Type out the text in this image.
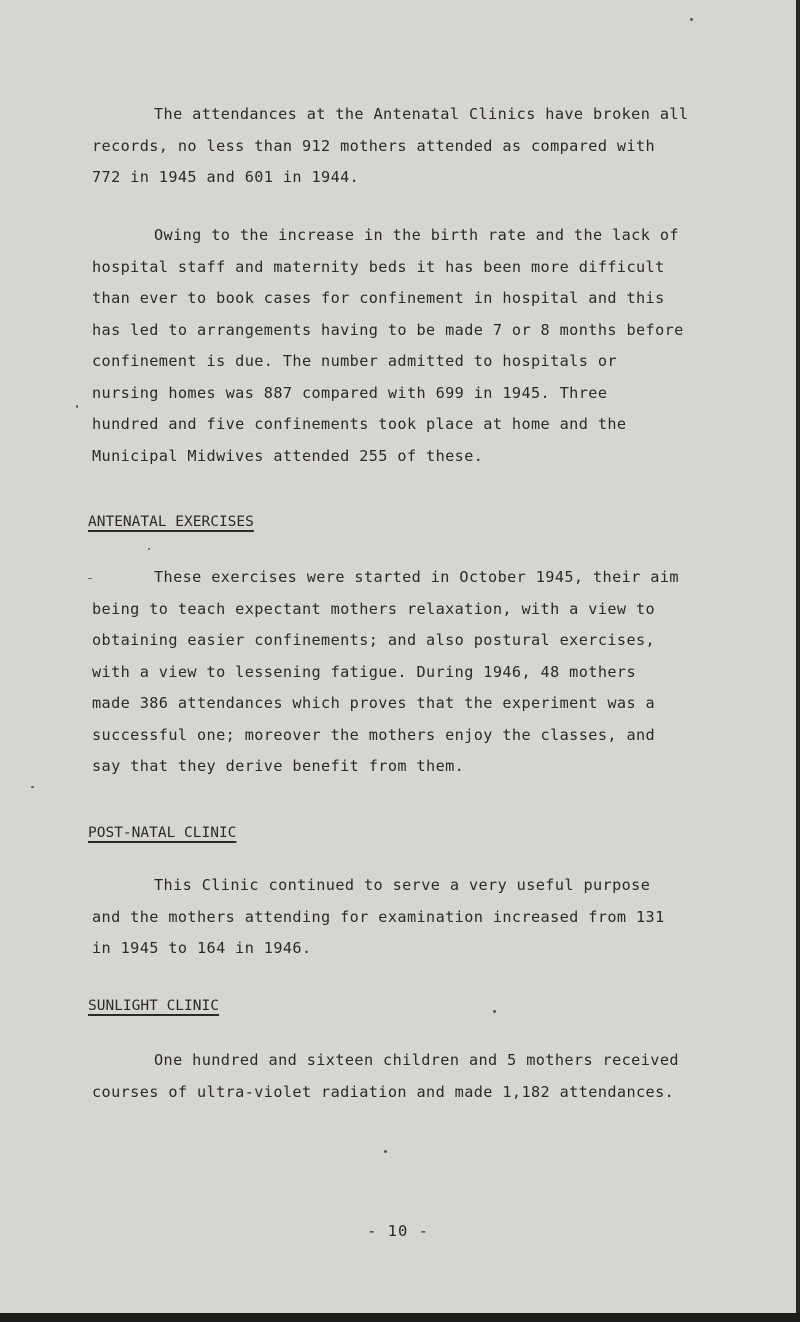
The attendances at the Antenatal Clinics have broken all
records, no less than 912 mothers attended as compared with
772 in 1945 and 601 in 1944.
Owing to the increase in the birth rate and the lack of
hospital staff and maternity beds it has been more difficult
than ever to book cases for confinement in hospital and this
has led to arrangements having to be made 7 or 8 months before
confinement is due. The number admitted to hospitals or
nursing homes was 887 compared with 699 in 1945. Three
hundred and five confinements took place at home and the
Municipal Midwives attended 255 of these.
ANTENATAL EXERCISES
These exercises were started in October 1945, their aim
being to teach expectant mothers relaxation, with a view to
obtaining easier confinements; and also postural exercises,
with a view to lessening fatigue. During 1946, 48 mothers
made 386 attendances which proves that the experiment was a
successful one; moreover the mothers enjoy the classes, and
say that they derive benefit from them.
POST-NATAL CLINIC
This Clinic continued to serve a very useful purpose
and the mothers attending for examination increased from 131
in 1945 to 164 in 1946.
SUNLIGHT CLINIC
One hundred and sixteen children and 5 mothers received
courses of ultra-violet radiation and made 1,182 attendances.
- 10 -
